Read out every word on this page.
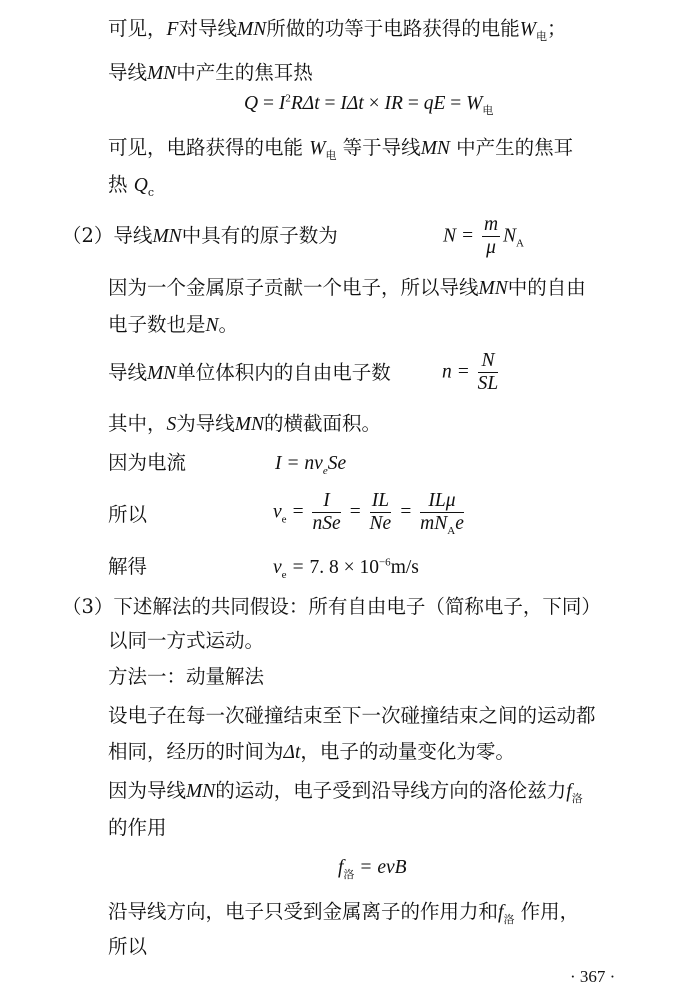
可见，F对导线MN所做的功等于电路获得的电能$W_电$；
导线MN中产生的焦耳热
$Q = I^2R\Delta t = I\Delta t$ × IR = qE = $W_电$
可见，电路获得的电能 $W_电$ 等于导线MN 中产生的焦耳
热 $Q_c$
（2）导线MN中具有的原子数为	$N = \frac{m}{\mu} N_A$
因为一个金属原子贡献一个电子，所以导线MN中的自由
电子数也是N。
导线MN单位体积内的自由电子数	$n = \frac{N}{SL}$
其中，S为导线MN的横截面积。
因为电流	$I = nv_eSe$
所以	$v_e = \frac{I}{\text{nSe}} = \frac{IL}{Ne} = \frac{\text{ILμ}}{mN_Ae}$
解得	$v_e = 7$. $8 \times 10^{-6}m/s$
（3）下述解法的共同假设：所有自由电子（简称电子，下同）
以同一方式运动。
方法一：动量解法
设电子在每一次碰撞结束至下一次碰撞结束之间的运动都
相同，经历的时间为Δt，电子的动量变化为零。
因为导线MN的运动，电子受到沿导线方向的洛伦兹力$f_洛$
的作用
$f_洛$ = evB
沿导线方向，电子只受到金属离子的作用力和$f_洛$ 作用，
所以
· 367 ·
